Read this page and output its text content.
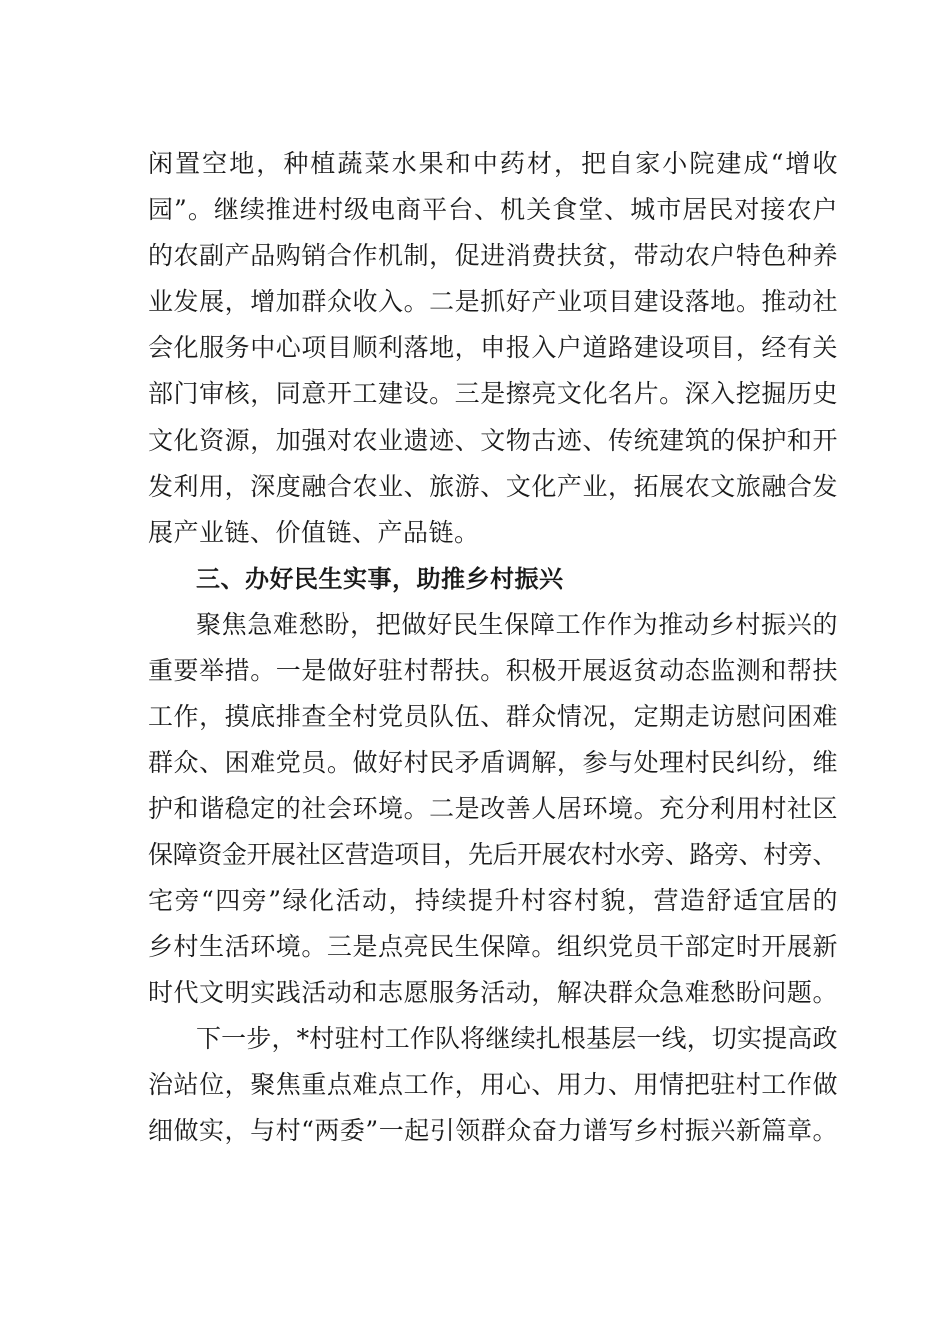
闲置空地，种植蔬菜水果和中药材，把自家小院建成“增收
园”。继续推进村级电商平台、机关食堂、城市居民对接农户
的农副产品购销合作机制，促进消费扶贫，带动农户特色种养
业发展，增加群众收入。二是抓好产业项目建设落地。推动社
会化服务中心项目顺利落地，申报入户道路建设项目，经有关
部门审核，同意开工建设。三是擦亮文化名片。深入挖掘历史
文化资源，加强对农业遗迹、文物古迹、传统建筑的保护和开
发利用，深度融合农业、旅游、文化产业，拓展农文旅融合发
展产业链、价值链、产品链。
三、办好民生实事，助推乡村振兴
聚焦急难愁盼，把做好民生保障工作作为推动乡村振兴的
重要举措。一是做好驻村帮扶。积极开展返贫动态监测和帮扶
工作，摸底排查全村党员队伍、群众情况，定期走访慰问困难
群众、困难党员。做好村民矛盾调解，参与处理村民纠纷，维
护和谐稳定的社会环境。二是改善人居环境。充分利用村社区
保障资金开展社区营造项目，先后开展农村水旁、路旁、村旁、
宅旁“四旁”绿化活动，持续提升村容村貌，营造舒适宜居的
乡村生活环境。三是点亮民生保障。组织党员干部定时开展新
时代文明实践活动和志愿服务活动，解决群众急难愁盼问题。
下一步，*村驻村工作队将继续扎根基层一线，切实提高政
治站位，聚焦重点难点工作，用心、用力、用情把驻村工作做
细做实，与村“两委”一起引领群众奋力谱写乡村振兴新篇章。
